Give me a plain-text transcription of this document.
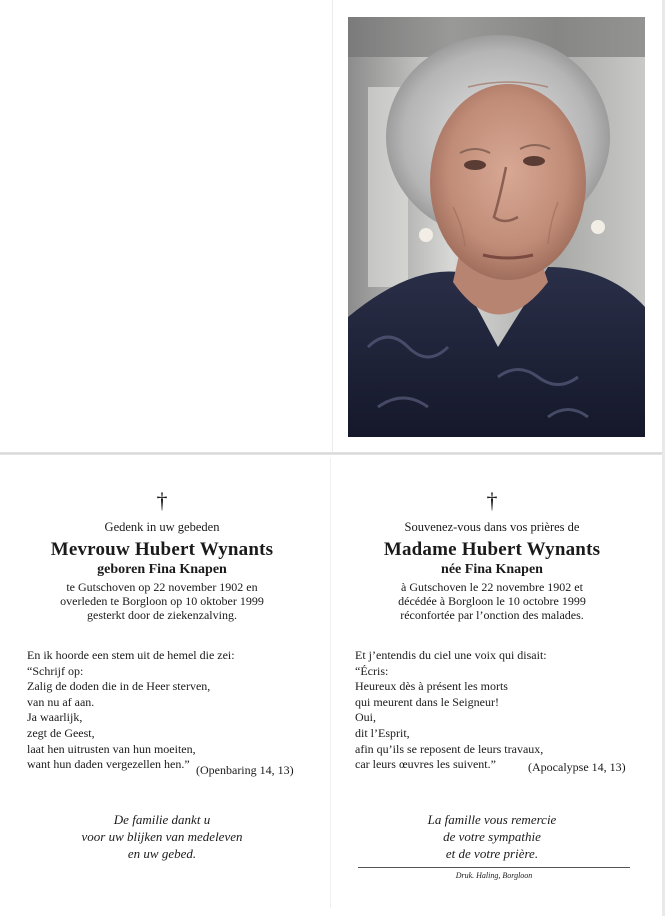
†
Gedenk in uw gebeden
Mevrouw Hubert Wynants
geboren Fina Knapen
te Gutschoven op 22 november 1902 en
overleden te Borgloon op 10 oktober 1999
gesterkt door de ziekenzalving.
En ik hoorde een stem uit de hemel die zei:
“Schrijf op:
Zalig de doden die in de Heer sterven,
van nu af aan.
Ja waarlijk,
zegt de Geest,
laat hen uitrusten van hun moeiten,
want hun daden vergezellen hen.” (Openbaring 14, 13)
De familie dankt u
voor uw blijken van medeleven
en uw gebed.
†
Souvenez-vous dans vos prières de
Madame Hubert Wynants
née Fina Knapen
à Gutschoven le 22 novembre 1902 et
décédée à Borgloon le 10 octobre 1999
réconfortée par l’onction des malades.
Et j’entendis du ciel une voix qui disait:
“Écris:
Heureux dès à présent les morts
qui meurent dans le Seigneur!
Oui,
dit l’Esprit,
afin qu’ils se reposent de leurs travaux,
car leurs œuvres les suivent.”	(Apocalypse 14, 13)
La famille vous remercie
de votre sympathie
et de votre prière.
Druk. Haling, Borgloon
